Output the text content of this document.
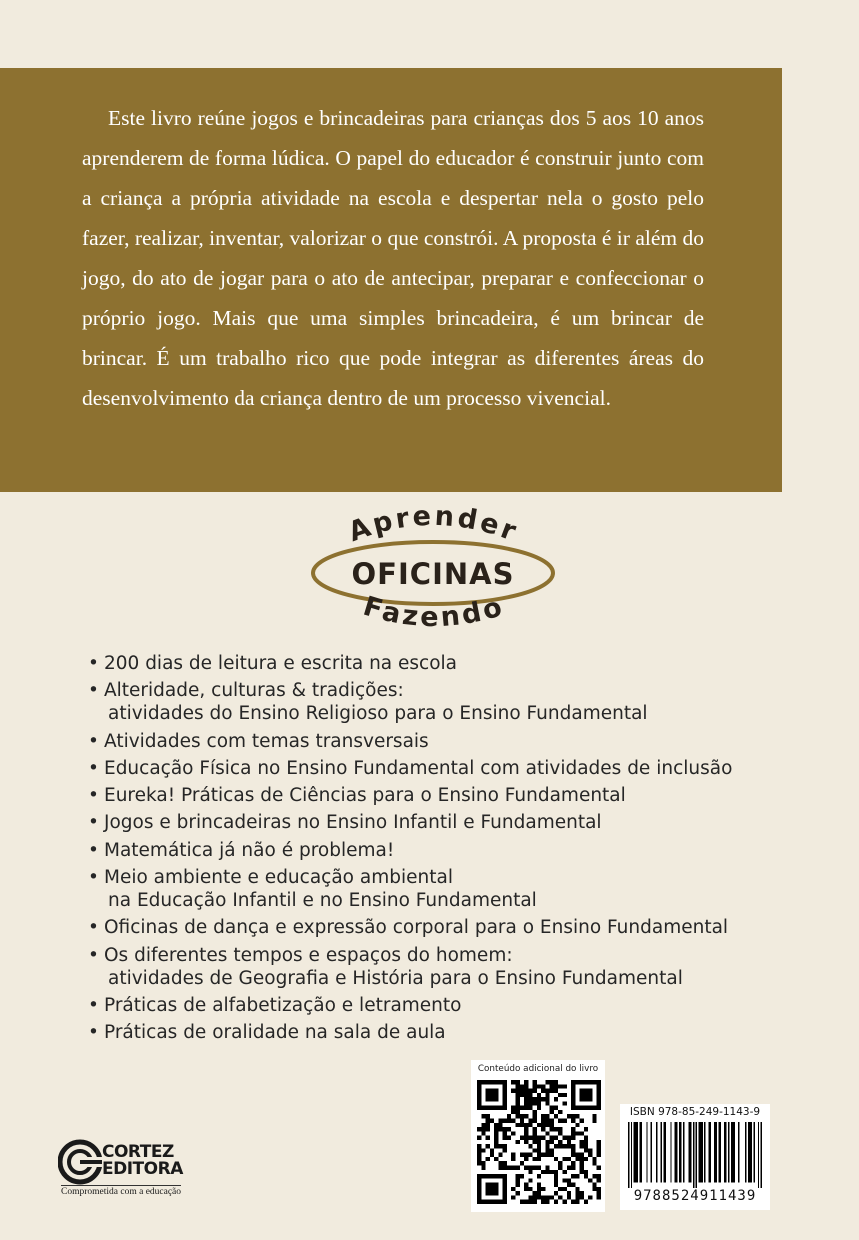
Este livro reúne jogos e brincadeiras para crianças dos 5 aos 10 anos aprenderem de forma lúdica. O papel do educador é construir junto com a criança a própria atividade na escola e despertar nela o gosto pelo fazer, realizar, inventar, valorizar o que constrói. A proposta é ir além do jogo, do ato de jogar para o ato de antecipar, preparar e confeccionar o próprio jogo. Mais que uma simples brincadeira, é um brincar de brincar. É um trabalho rico que pode integrar as diferentes áreas do desenvolvimento da criança dentro de um processo vivencial.

Aprender
OFICINAS
Fazendo
• 200 dias de leitura e escrita na escola
• Alteridade, culturas & tradições:
atividades do Ensino Religioso para o Ensino Fundamental
• Atividades com temas transversais
• Educação Física no Ensino Fundamental com atividades de inclusão
• Eureka! Práticas de Ciências para o Ensino Fundamental
• Jogos e brincadeiras no Ensino Infantil e Fundamental
• Matemática já não é problema!
• Meio ambiente e educação ambiental
na Educação Infantil e no Ensino Fundamental
• Oficinas de dança e expressão corporal para o Ensino Fundamental
• Os diferentes tempos e espaços do homem:
atividades de Geografia e História para o Ensino Fundamental
• Práticas de alfabetização e letramento
• Práticas de oralidade na sala de aula
Conteúdo adicional do livro
ISBN 978-85-249-1143-9
9788524911439
CORTEZ
EDITORA
Comprometida com a educação
